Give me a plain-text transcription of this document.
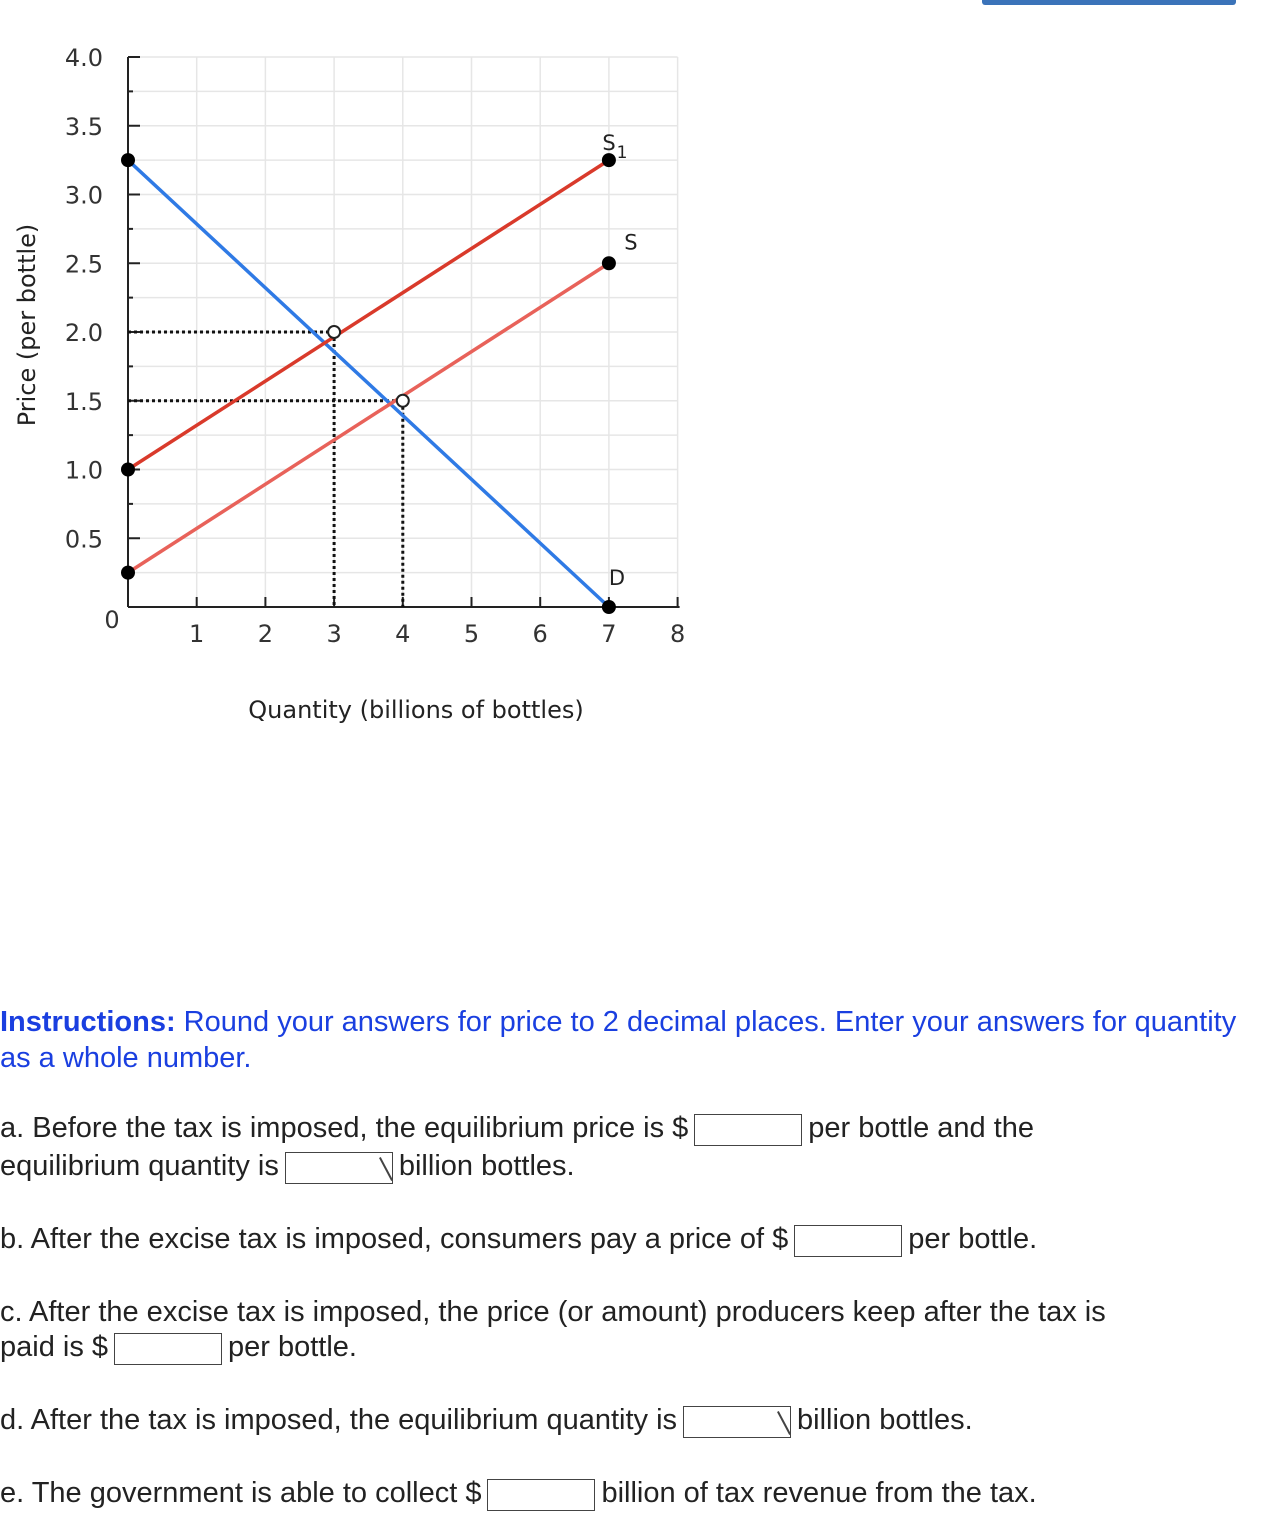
0.5
1.0
1.5
2.0
2.5
3.0
3.5
4.0
0	1 2 3 4 5 6 7 8
D
$S_1$
S
Quantity (billions of bottles)
Price (per bottle)
Instructions: Round your answers for price to 2 decimal places. Enter your answers for quantity as a whole number.
a. Before the tax is imposed, the equilibrium price is $	per bottle and the
equilibrium quantity is	billion bottles.
b. After the excise tax is imposed, consumers pay a price of $	per bottle.
c. After the excise tax is imposed, the price (or amount) producers keep after the tax is
paid is $	per bottle.
d. After the tax is imposed, the equilibrium quantity is	billion bottles.
e. The government is able to collect $	billion of tax revenue from the tax.
